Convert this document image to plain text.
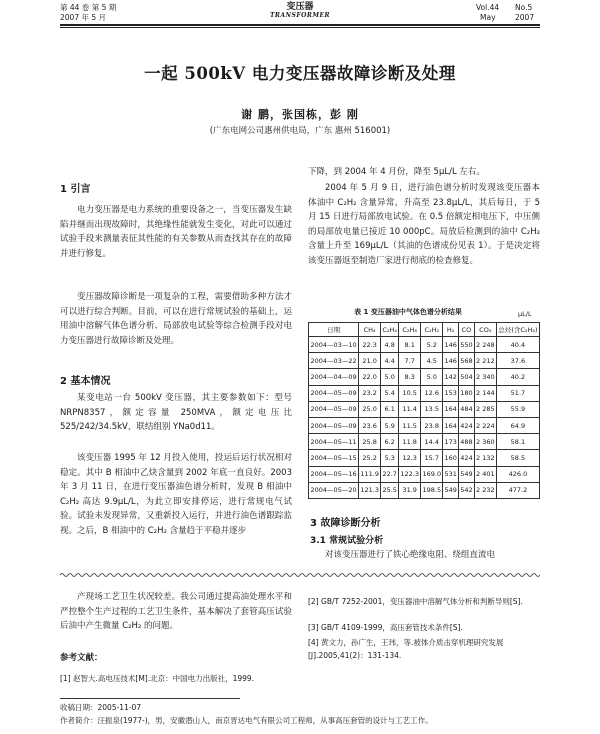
第 44 卷 第 5 期
2007 年 5 月
变压器
TRANSFORMER
Vol.44 No.5
May	2007
一起 500kV 电力变压器故障诊断及处理
谢 鹏，张国栋，彭 刚
(广东电网公司惠州供电局，广东 惠州 516001)
1 引言
电力变压器是电力系统的重要设备之一，当变压器发生缺陷并继而出现故障时，其绝缘性能就发生变化，对此可以通过试验手段来测量表征其性能的有关参数从而查找其存在的故障并进行修复。
变压器故障诊断是一项复杂的工程，需要借助多种方法才可以进行综合判断。目前，可以在进行常规试验的基础上，运用油中溶解气体色谱分析、局部放电试验等综合检测手段对电力变压器进行故障诊断及处理。
2 基本情况
某变电站一台 500kV 变压器，其主要参数如下：型号 NRPN8357，额定容量 250MVA，额定电压比 525/242/34.5kV，联结组别 YNa0d11。
该变压器 1995 年 12 月投入使用，投运后运行状况相对稳定。其中 B 相油中乙炔含量到 2002 年底一直良好。2003 年 3 月 11 日，在进行变压器油色谱分析时，发现 B 相油中 C₂H₂ 高达 9.9μL/L，为此立即安排停运，进行常规电气试验。试验未发现异常，又重新投入运行，并进行油色谱跟踪监视。之后，B 相油中的 C₂H₂ 含量趋于平稳并逐步
下降，到 2004 年 4 月份，降至 5μL/L 左右。
2004 年 5 月 9 日，进行油色谱分析时发现该变压器本体油中 C₂H₂ 含量异常，升高至 23.8μL/L，其后每日，于 5 月 15 日进行局部放电试验。在 0.5 倍额定相电压下，中压侧的局部放电量已接近 10 000pC。局放后检测到的油中 C₂H₂ 含量上升至 169μL/L（其油的色谱成份见表 1）。于是决定将该变压器返至制造厂家进行彻底的检查修复。
表 1 变压器油中气体色谱分析结果	μL/L
日期	CH₄	C₂H₄	C₂H₆	C₂H₂	H₂	CO	CO₂	总烃(含C₂H₂)
2004—03—10	22.3	4.8	8.1	5.2	146	550	2 248	40.4
2004—03—22	21.0	4.4	7.7	4.5	146	568	2 212	37.6
2004—04—09	22.0	5.0	8.3	5.0	142	504	2 340	40.2
2004—05—09	23.2	5.4	10.5	12.6	153	180	2 144	51.7
2004—05—09	25.0	6.1	11.4	13.5	164	484	2 285	55.9
2004—05—09	23.6	5.9	11.5	23.8	164	424	2 224	64.9
2004—05—11	25.8	6.2	11.8	14.4	173	488	2 360	58.1
2004—05—15	25.2	5.3	12.3	15.7	160	424	2 132	58.5
2004—05—16	111.9	22.7	122.3	169.0	531	549	2 401	426.0
2004—05—20	121.3	25.5	31.9	198.5	549	542	2 232	477.2
3 故障诊断分析
3.1 常规试验分析
对该变压器进行了铁心绝缘电阻、绕组直流电
产现场工艺卫生状况较差。我公司通过提高油处理水平和严控整个生产过程的工艺卫生条件，基本解决了套管高压试验后油中产生微量 C₂H₂ 的问题。
参考文献：
[1] 赵智大.高电压技术[M].北京：中国电力出版社，1999.
[2] GB/T 7252-2001，变压器油中溶解气体分析和判断导则[S].
[3] GB/T 4109-1999，高压套管技术条件[S].
[4] 黄文力，孙广生，王玮，等.被体介质击穿机理研究发展[J].2005,41(2)：131-134.
收稿日期：2005-11-07
作者简介：汪振泉(1977-)，男，安徽潜山人，南京晋达电气有限公司工程师，从事高压套管的设计与工艺工作。
